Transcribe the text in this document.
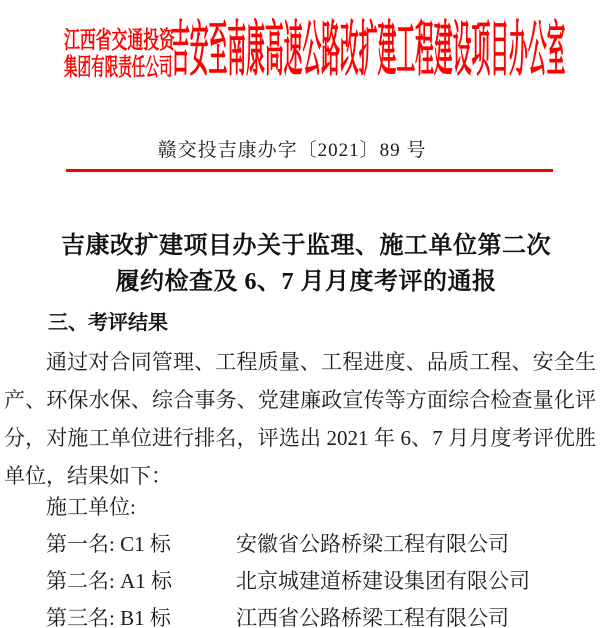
江西省交通投资
集团有限责任公司
吉安至南康高速公路改扩建工程建设项目办公室
赣交投吉康办字〔2021〕89 号
吉康改扩建项目办关于监理、施工单位第二次
履约检查及 6、7 月月度考评的通报
三、考评结果
通过对合同管理、工程质量、工程进度、品质工程、安全生
产、环保水保、综合事务、党建廉政宣传等方面综合检查量化评
分，对施工单位进行排名，评选出 2021 年 6、7 月月度考评优胜
单位，结果如下：
施工单位:
第一名: C1 标	安徽省公路桥梁工程有限公司
第二名: A1 标	北京城建道桥建设集团有限公司
第三名: B1 标	江西省公路桥梁工程有限公司
